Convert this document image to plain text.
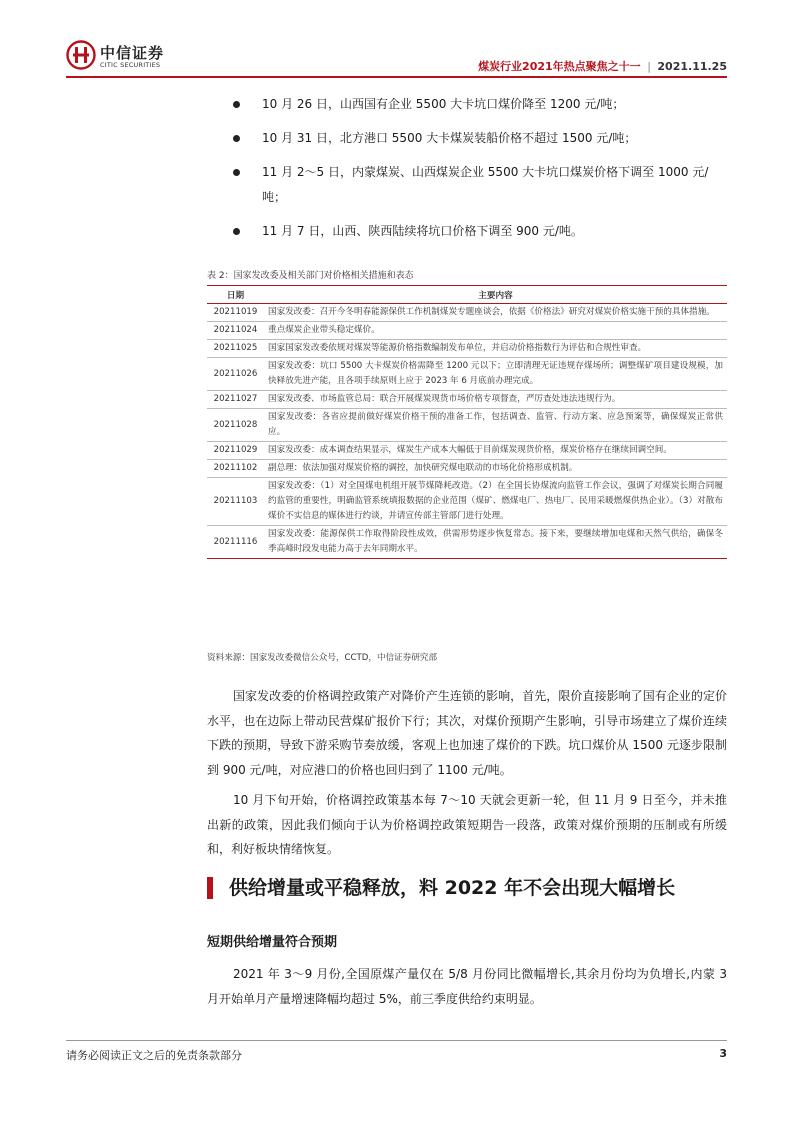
中信证券
CITIC SECURITIES	煤炭行业2021年热点聚焦之十一 | 2021.11.25
10 月 26 日，山西国有企业 5500 大卡坑口煤价降至 1200 元/吨；
10 月 31 日，北方港口 5500 大卡煤炭装船价格不超过 1500 元/吨；
11 月 2～5 日，内蒙煤炭、山西煤炭企业 5500 大卡坑口煤炭价格下调至 1000 元/吨；
11 月 7 日，山西、陕西陆续将坑口价格下调至 900 元/吨。
表 2：国家发改委及相关部门对价格相关措施和表态
日期	主要内容
20211019	国家发改委：召开今冬明春能源保供工作机制煤炭专题座谈会，依据《价格法》研究对煤炭价格实施干预的具体措施。
20211024	重点煤炭企业带头稳定煤价。
20211025	国家国家发改委依规对煤炭等能源价格指数编制发布单位，并启动价格指数行为评估和合规性审查。
20211026	国家发改委：坑口 5500 大卡煤炭价格需降至 1200 元以下；立即清理无证违规存煤场所；调整煤矿项目建设规模，加快释放先进产能，且各项手续原则上应于 2023 年 6 月底前办理完成。
20211027	国家发改委、市场监管总局：联合开展煤炭现货市场价格专项督查，严厉查处违法违规行为。
20211028	国家发改委：各省应提前做好煤炭价格干预的准备工作，包括调查、监管、行动方案、应急预案等，确保煤炭正常供应。
20211029	国家发改委：成本调查结果显示，煤炭生产成本大幅低于目前煤炭现货价格，煤炭价格存在继续回调空间。
20211102	副总理：依法加强对煤炭价格的调控，加快研究煤电联动的市场化价格形成机制。
20211103	国家发改委：（1）对全国煤电机组开展节煤降耗改造。（2）在全国长协煤流向监管工作会议，强调了对煤炭长期合同履约监管的重要性，明确监管系统填报数据的企业范围（煤矿、燃煤电厂、热电厂、民用采暖燃煤供热企业）。（3）对散布煤价不实信息的媒体进行约谈，并请宣传部主管部门进行处理。
20211116	国家发改委：能源保供工作取得阶段性成效，供需形势逐步恢复常态。接下来，要继续增加电煤和天然气供给，确保冬季高峰时段发电能力高于去年同期水平。
资料来源：国家发改委微信公众号，CCTD，中信证券研究部
国家发改委的价格调控政策产对降价产生连锁的影响，首先，限价直接影响了国有企业的定价水平，也在边际上带动民营煤矿报价下行；其次，对煤价预期产生影响，引导市场建立了煤价连续下跌的预期，导致下游采购节奏放缓，客观上也加速了煤价的下跌。坑口煤价从 1500 元逐步限制到 900 元/吨，对应港口的价格也回归到了 1100 元/吨。
10 月下旬开始，价格调控政策基本每 7～10 天就会更新一轮，但 11 月 9 日至今，并未推出新的政策，因此我们倾向于认为价格调控政策短期告一段落，政策对煤价预期的压制或有所缓和，利好板块情绪恢复。
供给增量或平稳释放，料 2022 年不会出现大幅增长
短期供给增量符合预期
2021 年 3～9 月份,全国原煤产量仅在 5/8 月份同比微幅增长,其余月份均为负增长,内蒙 3 月开始单月产量增速降幅均超过 5%，前三季度供给约束明显。
请务必阅读正文之后的免责条款部分	3
